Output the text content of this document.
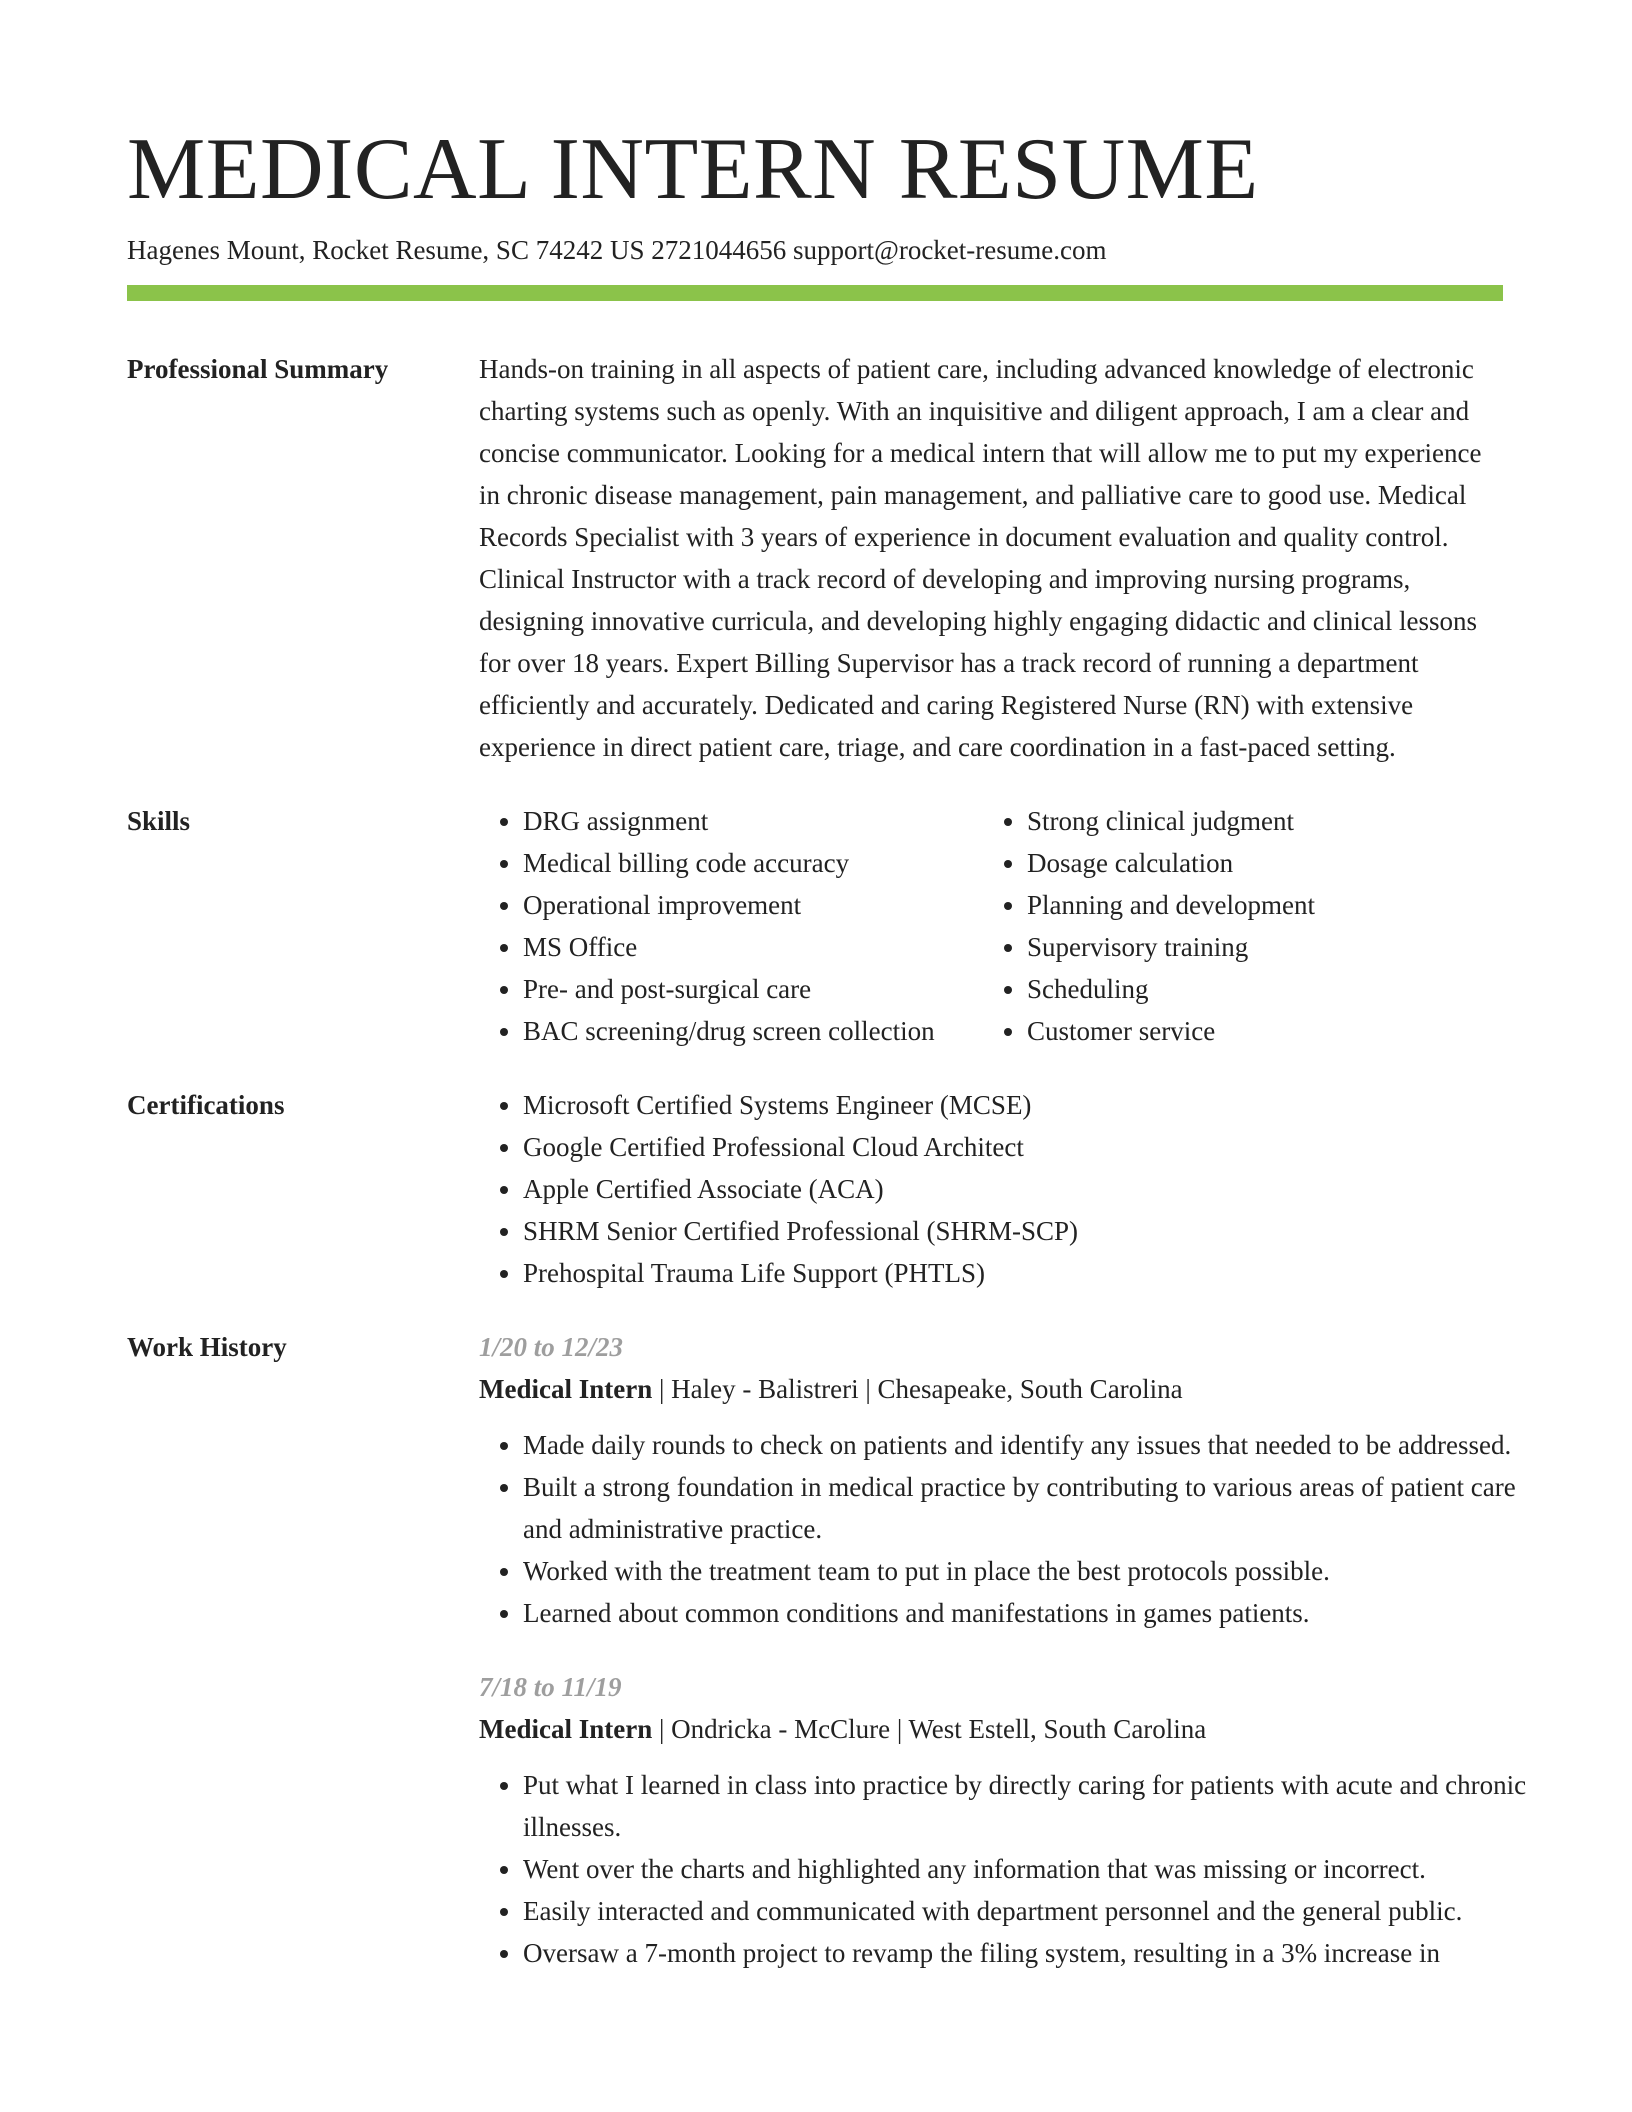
MEDICAL INTERN RESUME
Hagenes Mount, Rocket Resume, SC 74242 US 2721044656 support@rocket-resume.com
Professional Summary	Hands-on training in all aspects of patient care, including advanced knowledge of electronic charting systems such as openly. With an inquisitive and diligent approach, I am a clear and concise communicator. Looking for a medical intern that will allow me to put my experience in chronic disease management, pain management, and palliative care to good use. Medical Records Specialist with 3 years of experience in document evaluation and quality control. Clinical Instructor with a track record of developing and improving nursing programs, designing innovative curricula, and developing highly engaging didactic and clinical lessons for over 18 years. Expert Billing Supervisor has a track record of running a department efficiently and accurately. Dedicated and caring Registered Nurse (RN) with extensive experience in direct patient care, triage, and care coordination in a fast-paced setting.

Skills	• DRG assignment
• Medical billing code accuracy
• Operational improvement
• MS Office
• Pre- and post-surgical care
• BAC screening/drug screen collection
• Strong clinical judgment
• Dosage calculation
• Planning and development
• Supervisory training
• Scheduling
• Customer service
Certifications	• Microsoft Certified Systems Engineer (MCSE)
• Google Certified Professional Cloud Architect
• Apple Certified Associate (ACA)
• SHRM Senior Certified Professional (SHRM-SCP)
• Prehospital Trauma Life Support (PHTLS)
Work History	1/20 to 12/23
Medical Intern | Haley - Balistreri | Chesapeake, South Carolina
• Made daily rounds to check on patients and identify any issues that needed to be addressed.
• Built a strong foundation in medical practice by contributing to various areas of patient care and administrative practice.
• Worked with the treatment team to put in place the best protocols possible.
• Learned about common conditions and manifestations in games patients.
7/18 to 11/19
Medical Intern | Ondricka - McClure | West Estell, South Carolina
• Put what I learned in class into practice by directly caring for patients with acute and chronic illnesses.
• Went over the charts and highlighted any information that was missing or incorrect.
• Easily interacted and communicated with department personnel and the general public.
• Oversaw a 7-month project to revamp the filing system, resulting in a 3% increase in
